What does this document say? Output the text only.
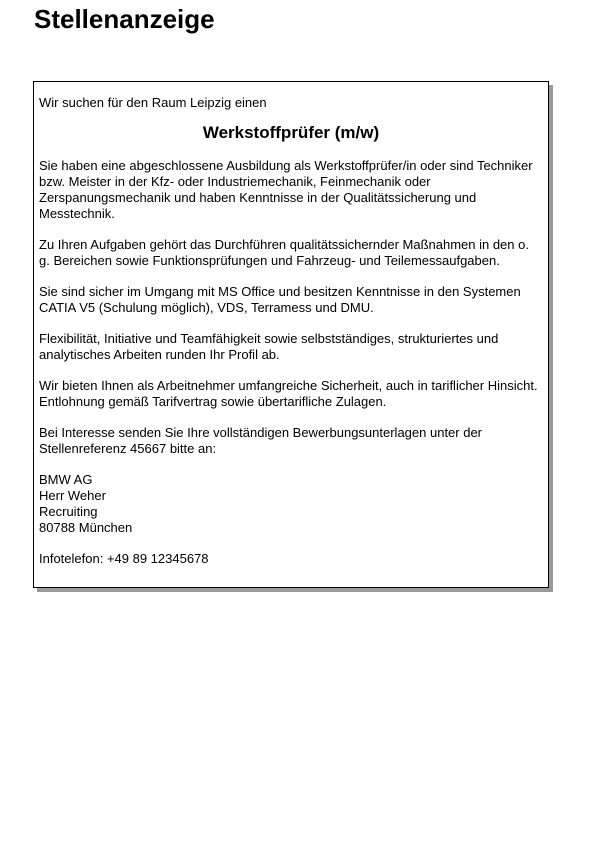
Stellenanzeige

Wir suchen für den Raum Leipzig einen

Werkstoffprüfer (m/w)

Sie haben eine abgeschlossene Ausbildung als Werkstoffprüfer/in oder sind Techniker bzw. Meister in der Kfz- oder Industriemechanik, Feinmechanik oder Zerspanungsmechanik und haben Kenntnisse in der Qualitätssicherung und Messtechnik.

Zu Ihren Aufgaben gehört das Durchführen qualitätssichernder Maßnahmen in den o. g. Bereichen sowie Funktionsprüfungen und Fahrzeug- und Teilemessaufgaben.

Sie sind sicher im Umgang mit MS Office und besitzen Kenntnisse in den Systemen CATIA V5 (Schulung möglich), VDS, Terramess und DMU.

Flexibilität, Initiative und Teamfähigkeit sowie selbstständiges, strukturiertes und analytisches Arbeiten runden Ihr Profil ab.

Wir bieten Ihnen als Arbeitnehmer umfangreiche Sicherheit, auch in tariflicher Hinsicht. Entlohnung gemäß Tarifvertrag sowie übertarifliche Zulagen.

Bei Interesse senden Sie Ihre vollständigen Bewerbungsunterlagen unter der Stellenreferenz 45667 bitte an:

BMW AG
Herr Weher
Recruiting
80788 München

Infotelefon: +49 89 12345678
